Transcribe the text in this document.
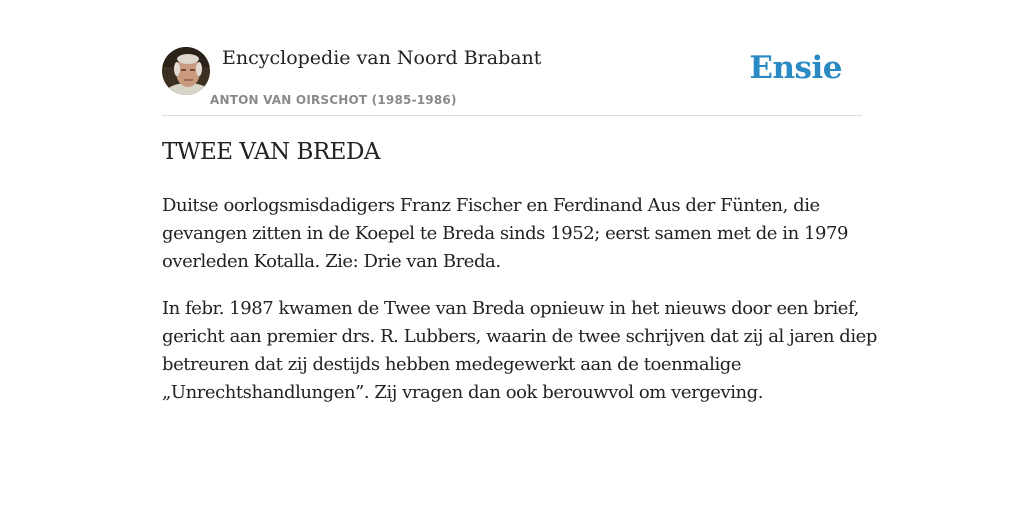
Encyclopedie van Noord Brabant
ANTON VAN OIRSCHOT (1985-1986)
Ensie
TWEE VAN BREDA

Duitse oorlogsmisdadigers Franz Fischer en Ferdinand Aus der Fünten, die
gevangen zitten in de Koepel te Breda sinds 1952; eerst samen met de in 1979
overleden Kotalla. Zie: Drie van Breda.

In febr. 1987 kwamen de Twee van Breda opnieuw in het nieuws door een brief,
gericht aan premier drs. R. Lubbers, waarin de twee schrijven dat zij al jaren diep
betreuren dat zij destijds hebben medegewerkt aan de toenmalige
„Unrechtshandlungen”. Zij vragen dan ook berouwvol om vergeving.
